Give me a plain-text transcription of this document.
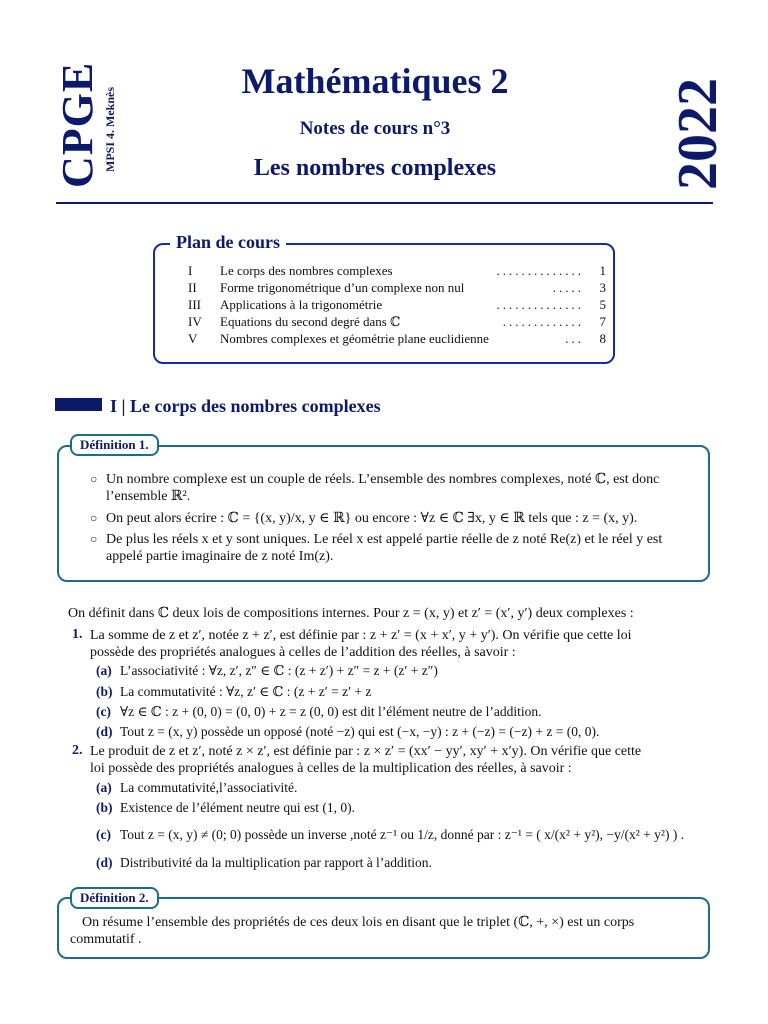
CPGE MPSI 4. Meknès
Mathématiques 2
Notes de cours n°3
Les nombres complexes	2022
Plan de cours
I Le corps des nombres complexes	.............. 1
II Forme trigonométrique d’un complexe non nul	..... 3
III Applications à la trigonométrie	.............. 5
IV Equations du second degré dans ℂ	............. 7
V Nombres complexes et géométrie plane euclidienne	... 8
I | Le corps des nombres complexes
Définition 1.
○ Un nombre complexe est un couple de réels. L’ensemble des nombres complexes, noté ℂ, est donc l’ensemble ℝ².
○ On peut alors écrire : ℂ = {(x, y)/x, y ∈ ℝ} ou encore : ∀z ∈ ℂ ∃x, y ∈ ℝ tels que : z = (x, y).
○ De plus les réels x et y sont uniques. Le réel x est appelé partie réelle de z noté Re(z) et le réel y est appelé partie imaginaire de z noté Im(z).
On définit dans ℂ deux lois de compositions internes. Pour z = (x, y) et z′ = (x′, y′) deux complexes :
1. La somme de z et z′, notée z + z′, est définie par : z + z′ = (x + x′, y + y′). On vérifie que cette loi
possède des propriétés analogues à celles de l’addition des réelles, à savoir :
(a) L’associativité : ∀z, z′, z″ ∈ ℂ : (z + z′) + z″ = z + (z′ + z″)
(b) La commutativité : ∀z, z′ ∈ ℂ : (z + z′ = z′ + z
(c) ∀z ∈ ℂ : z + (0, 0) = (0, 0) + z = z (0, 0) est dit l’élément neutre de l’addition.
(d) Tout z = (x, y) possède un opposé (noté −z) qui est (−x, −y) : z + (−z) = (−z) + z = (0, 0).
2. Le produit de z et z′, noté z × z′, est définie par : z × z′ = (xx′ − yy′, xy′ + x′y). On vérifie que cette
loi possède des propriétés analogues à celles de la multiplication des réelles, à savoir :
(a) La commutativité,l’associativité.
(b) Existence de l’élément neutre qui est (1, 0).
(c) Tout z = (x, y) ≠ (0; 0) possède un inverse ,noté z⁻¹ ou 1/z, donné par : z⁻¹ = ( x/(x² + y²), −y/(x² + y²) ) .
(d) Distributivité da la multiplication par rapport à l’addition.
Définition 2.
On résume l’ensemble des propriétés de ces deux lois en disant que le triplet (ℂ, +, ×) est un corps commutatif .
